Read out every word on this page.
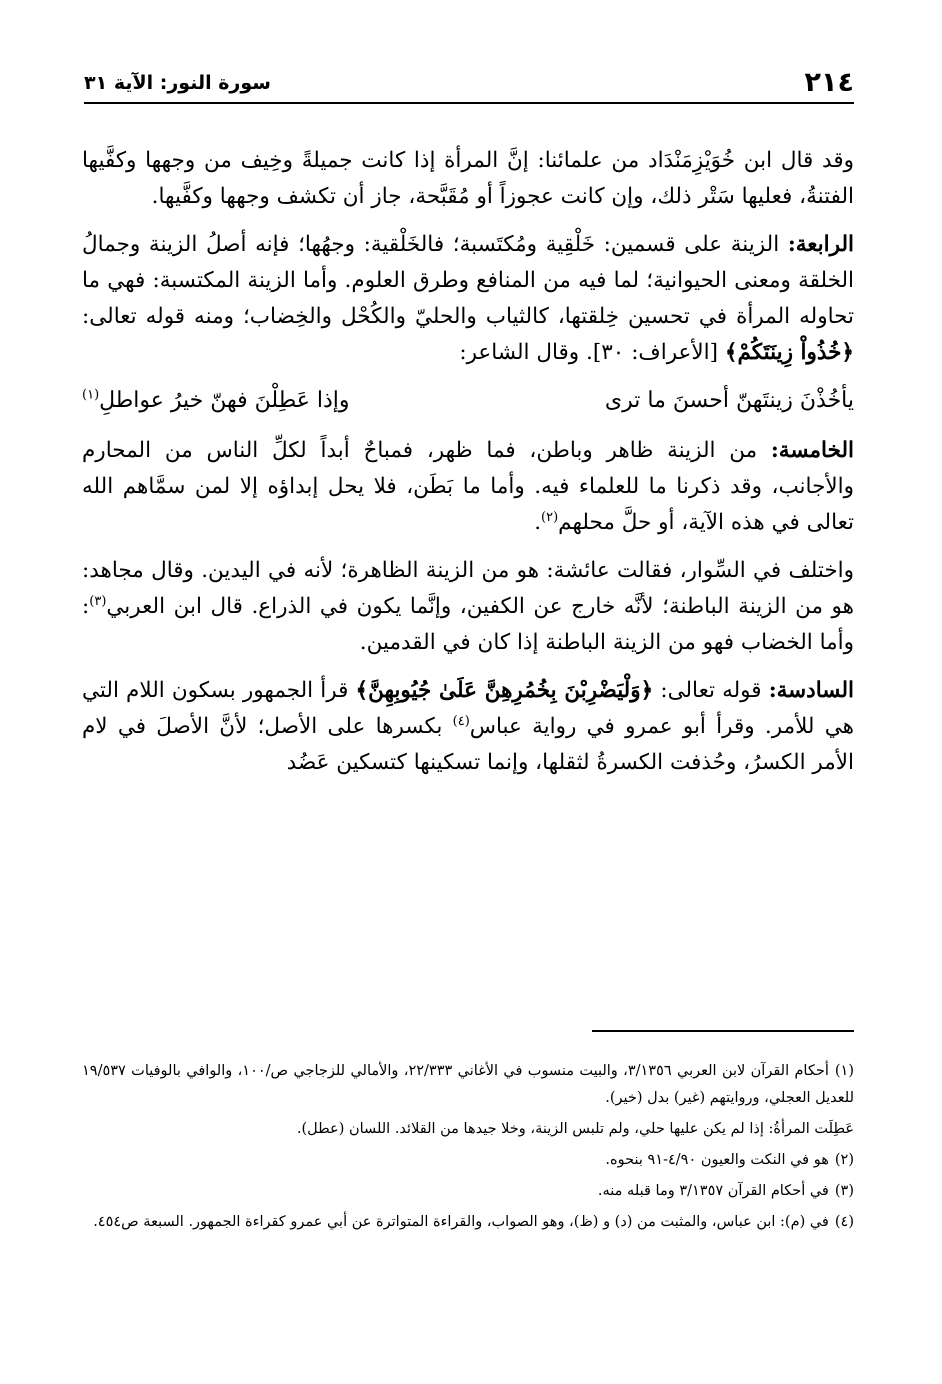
٢١٤
سورة النور: الآية ٣١

وقد قال ابن خُوَيْزِمَنْدَاد من علمائنا: إنَّ المرأة إذا كانت جميلةً وخِيف من وجهها وكفَّيها الفتنةُ، فعليها سَتْر ذلك، وإن كانت عجوزاً أو مُقَبَّحة، جاز أن تكشف وجهها وكفَّيها.

الرابعة: الزينة على قسمين: خَلْقِية ومُكتَسبة؛ فالخَلْقية: وجهُها؛ فإنه أصلُ الزينة وجمالُ الخلقة ومعنى الحيوانية؛ لما فيه من المنافع وطرق العلوم. وأما الزينة المكتسبة: فهي ما تحاوله المرأة في تحسين خِلقتها، كالثياب والحليّ والكُحْل والخِضاب؛ ومنه قوله تعالى: ﴿خُذُواْ زِينَتَكُمْ﴾ [الأعراف: ٣٠]. وقال الشاعر:

يأخُذْنَ زينتَهنّ أحسنَ ما ترى
وإذا عَطِلْنَ فهنّ خيرُ عواطلِ$^{(١)}$

الخامسة: من الزينة ظاهر وباطن، فما ظهر، فمباحٌ أبداً لكلِّ الناس من المحارم والأجانب، وقد ذكرنا ما للعلماء فيه. وأما ما بَطَن، فلا يحل إبداؤه إلا لمن سمَّاهم الله تعالى في هذه الآية، أو حلَّ محلهم$^{(٢)}$.

واختلف في السِّوار، فقالت عائشة: هو من الزينة الظاهرة؛ لأنه في اليدين. وقال مجاهد: هو من الزينة الباطنة؛ لأنَّه خارج عن الكفين، وإنَّما يكون في الذراع. قال ابن العربي$^{(٣)}$: وأما الخضاب فهو من الزينة الباطنة إذا كان في القدمين.

السادسة: قوله تعالى: ﴿وَلْيَضْرِبْنَ بِخُمُرِهِنَّ عَلَىٰ جُيُوبِهِنَّ﴾ قرأ الجمهور بسكون اللام التي هي للأمر. وقرأ أبو عمرو في رواية عباس$^{(٤)}$ بكسرها على الأصل؛ لأنَّ الأصلَ في لام الأمر الكسرُ، وحُذفت الكسرةُ لثقلها، وإنما تسكينها كتسكين عَضُد

(١)أحكام القرآن لابن العربي ٣/١٣٥٦، والبيت منسوب في الأغاني ٢٢/٣٣٣، والأمالي للزجاجي ص/١٠٠، والوافي بالوفيات ١٩/٥٣٧ للعديل العجلي، وروايتهم (غير) بدل (خير).

عَطِلَت المرأةُ: إذا لم يكن عليها حلي، ولم تلبس الزينة، وخلا جيدها من القلائد. اللسان (عطل).

(٢)هو في النكت والعيون ٤/٩٠-٩١ بنحوه.

(٣)في أحكام القرآن ٣/١٣٥٧ وما قبله منه.

(٤)في (م): ابن عباس، والمثبت من (د) و (ظ)، وهو الصواب، والقراءة المتواترة عن أبي عمرو كقراءة الجمهور. السبعة ص٤٥٤.
